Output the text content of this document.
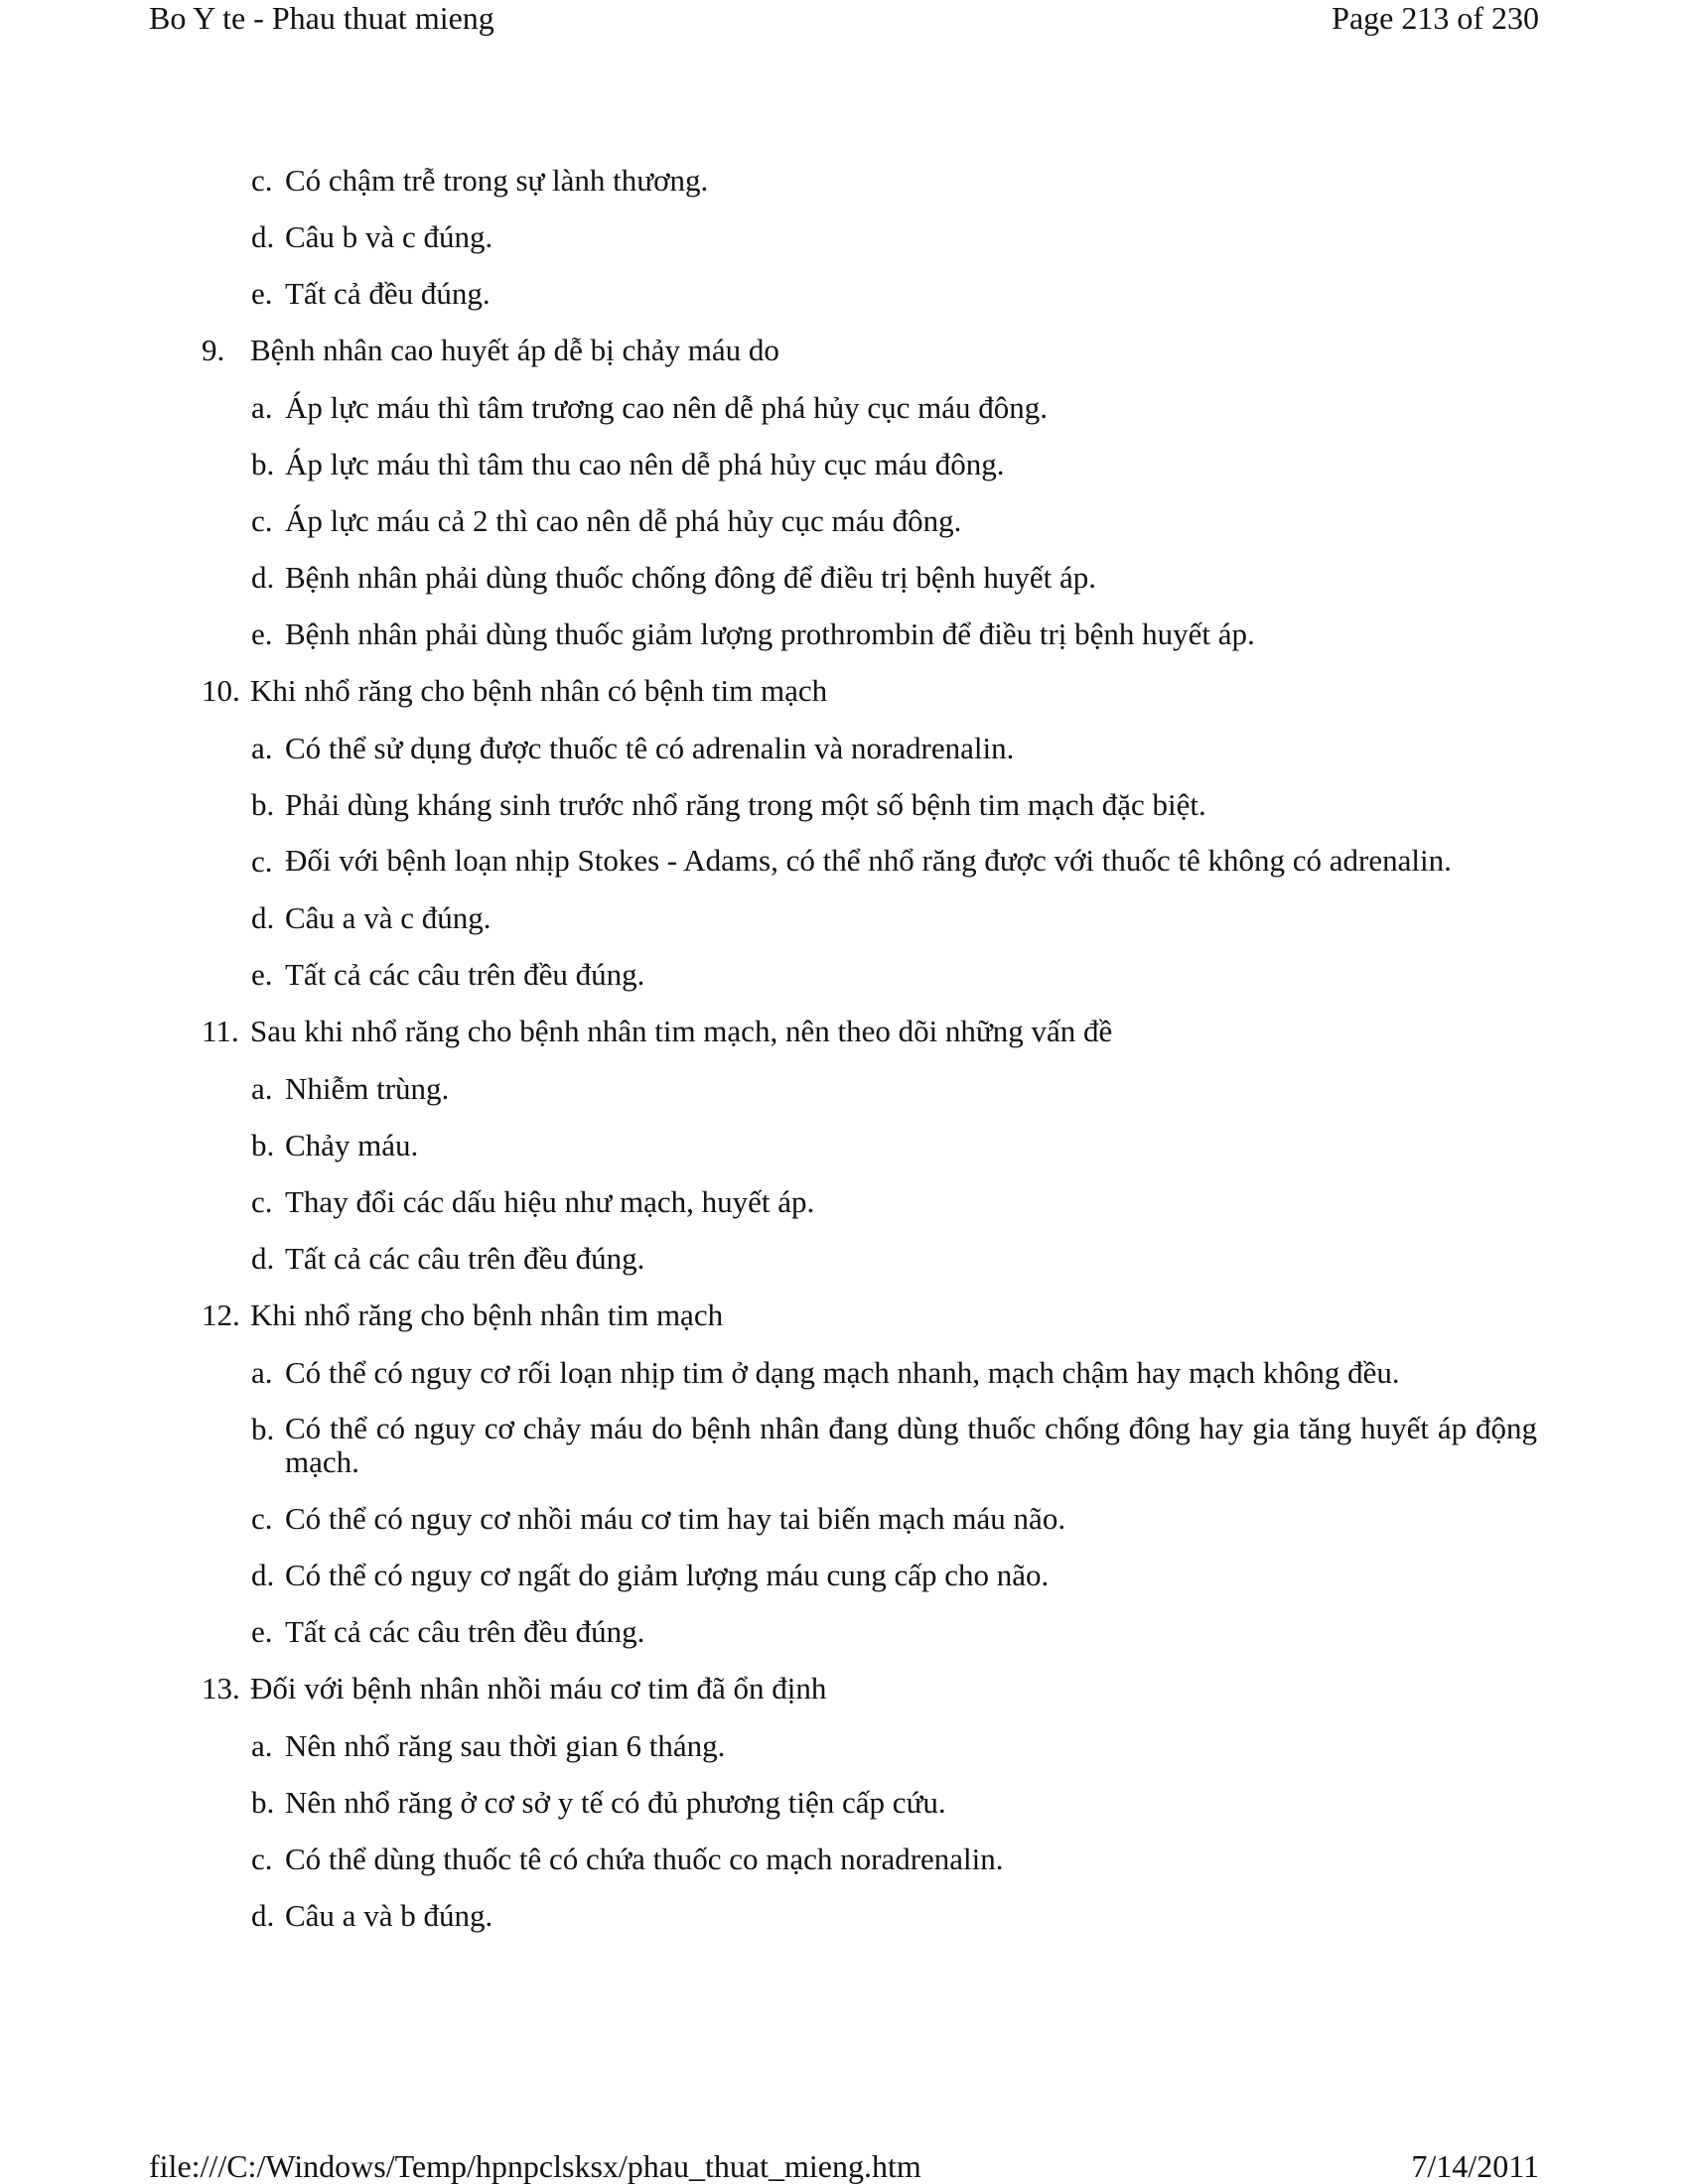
Bo Y te - Phau thuat mieng	Page 213 of 230
c. Có chậm trễ trong sự lành thương.
d. Câu b và c đúng.
e. Tất cả đều đúng.
9. Bệnh nhân cao huyết áp dễ bị chảy máu do
a. Áp lực máu thì tâm trương cao nên dễ phá hủy cục máu đông.
b. Áp lực máu thì tâm thu cao nên dễ phá hủy cục máu đông.
c. Áp lực máu cả 2 thì cao nên dễ phá hủy cục máu đông.
d. Bệnh nhân phải dùng thuốc chống đông để điều trị bệnh huyết áp.
e. Bệnh nhân phải dùng thuốc giảm lượng prothrombin để điều trị bệnh huyết áp.
10. Khi nhổ răng cho bệnh nhân có bệnh tim mạch
a. Có thể sử dụng được thuốc tê có adrenalin và noradrenalin.
b. Phải dùng kháng sinh trước nhổ răng trong một số bệnh tim mạch đặc biệt.
c. Đối với bệnh loạn nhịp Stokes - Adams, có thể nhổ răng được với thuốc tê không có adrenalin.
d. Câu a và c đúng.
e. Tất cả các câu trên đều đúng.
11. Sau khi nhổ răng cho bệnh nhân tim mạch, nên theo dõi những vấn đề
a. Nhiễm trùng.
b. Chảy máu.
c. Thay đổi các dấu hiệu như mạch, huyết áp.
d. Tất cả các câu trên đều đúng.
12. Khi nhổ răng cho bệnh nhân tim mạch
a. Có thể có nguy cơ rối loạn nhịp tim ở dạng mạch nhanh, mạch chậm hay mạch không đều.
b. Có thể có nguy cơ chảy máu do bệnh nhân đang dùng thuốc chống đông hay gia tăng huyết áp động mạch.
c. Có thể có nguy cơ nhồi máu cơ tim hay tai biến mạch máu não.
d. Có thể có nguy cơ ngất do giảm lượng máu cung cấp cho não.
e. Tất cả các câu trên đều đúng.
13. Đối với bệnh nhân nhồi máu cơ tim đã ổn định
a. Nên nhổ răng sau thời gian 6 tháng.
b. Nên nhổ răng ở cơ sở y tế có đủ phương tiện cấp cứu.
c. Có thể dùng thuốc tê có chứa thuốc co mạch noradrenalin.
d. Câu a và b đúng.
file:///C:/Windows/Temp/hpnpclsksx/phau_thuat_mieng.htm	7/14/2011
